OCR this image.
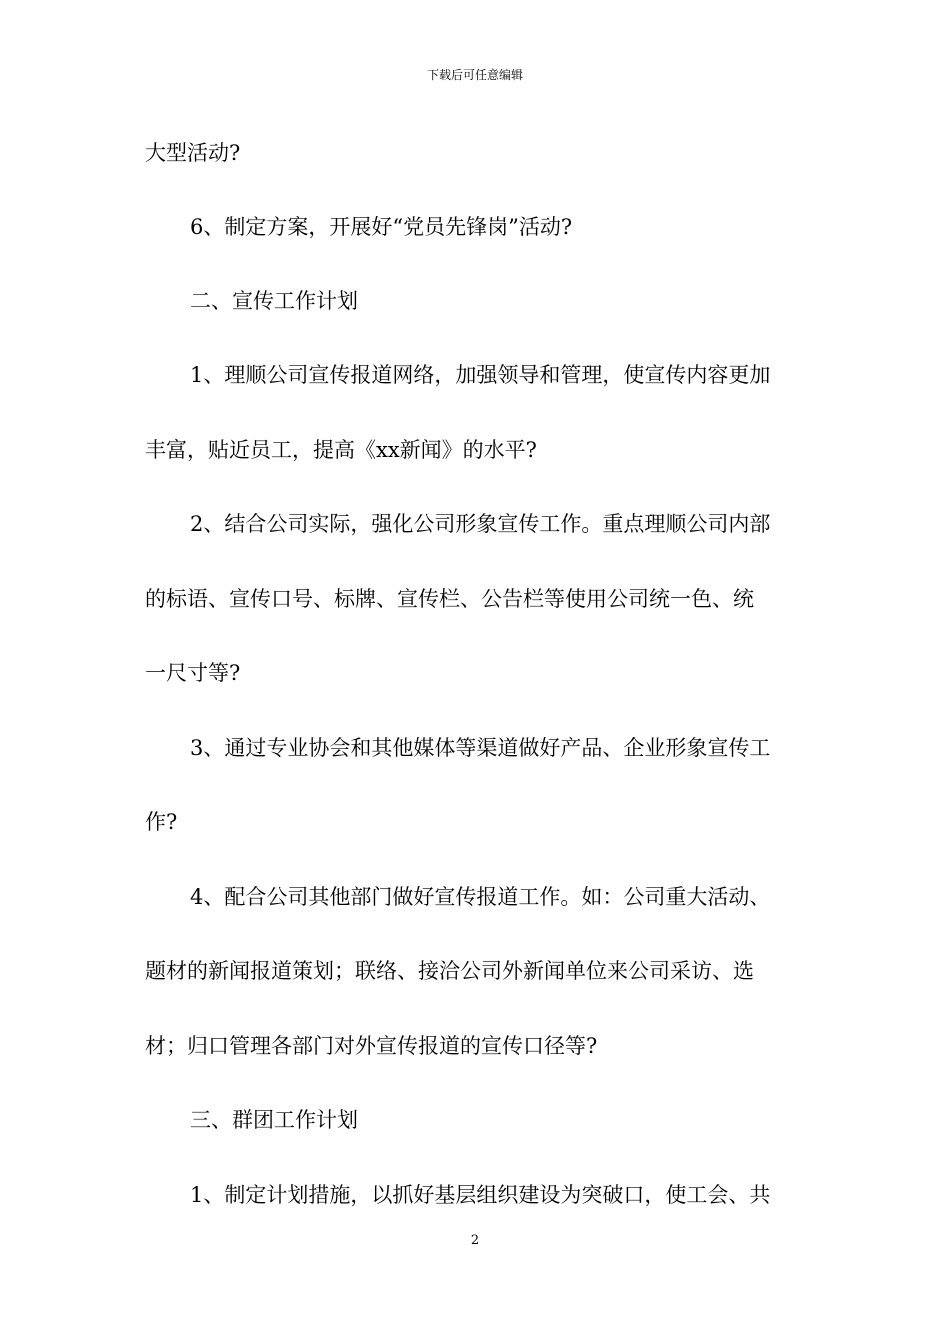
下载后可任意编辑
大型活动?
6、制定方案，开展好“党员先锋岗”活动?
二、宣传工作计划
1、理顺公司宣传报道网络，加强领导和管理，使宣传内容更加
丰富，贴近员工，提高《xx新闻》的水平?
2、结合公司实际，强化公司形象宣传工作。重点理顺公司内部
的标语、宣传口号、标牌、宣传栏、公告栏等使用公司统一色、统
一尺寸等?
3、通过专业协会和其他媒体等渠道做好产品、企业形象宣传工
作?
4、配合公司其他部门做好宣传报道工作。如：公司重大活动、
题材的新闻报道策划；联络、接洽公司外新闻单位来公司采访、选
材；归口管理各部门对外宣传报道的宣传口径等?
三、群团工作计划
1、制定计划措施，以抓好基层组织建设为突破口，使工会、共
2
